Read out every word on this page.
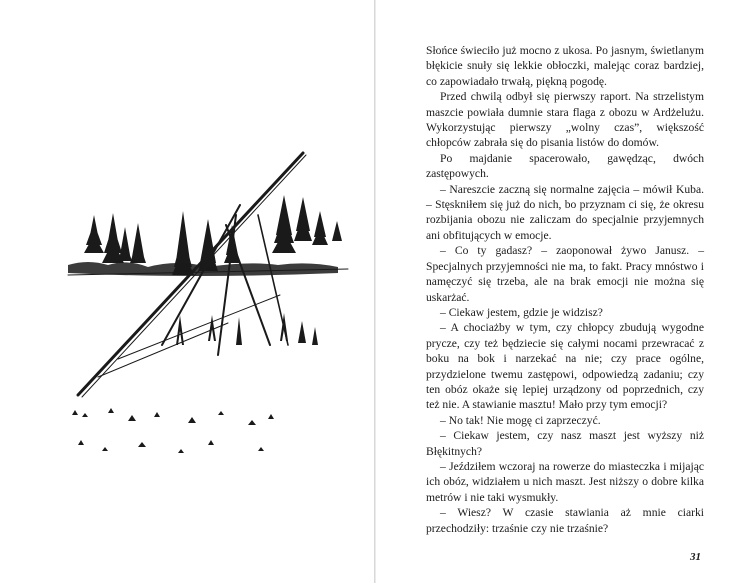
Słońce świeciło już mocno z ukosa. Po jasnym, świetlanym błękicie snuły się lekkie obłoczki, malejąc coraz bardziej, co zapowiadało trwałą, piękną pogodę.

Przed chwilą odbył się pierwszy raport. Na strzelistym maszcie powiała dumnie stara flaga z obozu w Ardżelużu. Wykorzystując pierwszy „wolny czas”, większość chłopców zabrała się do pisania listów do domów.

Po majdanie spacerowało, gawędząc, dwóch zastępowych.

– Nareszcie zaczną się normalne zajęcia – mówił Kuba. – Stęskniłem się już do nich, bo przyznam ci się, że okresu rozbijania obozu nie zaliczam do specjalnie przyjemnych ani obfitujących w emocje.

– Co ty gadasz? – zaoponował żywo Janusz. – Specjalnych przyjemności nie ma, to fakt. Pracy mnóstwo i namęczyć się trzeba, ale na brak emocji nie można się uskarżać.

– Ciekaw jestem, gdzie je widzisz?

– A chociażby w tym, czy chłopcy zbudują wygodne prycze, czy też będziecie się całymi nocami przewracać z boku na bok i narzekać na nie; czy prace ogólne, przydzielone twemu zastępowi, odpowiedzą zadaniu; czy ten obóz okaże się lepiej urządzony od poprzednich, czy też nie. A stawianie masztu! Mało przy tym emocji?

– No tak! Nie mogę ci zaprzeczyć.

– Ciekaw jestem, czy nasz maszt jest wyższy niż Błękitnych?

– Jeździłem wczoraj na rowerze do miasteczka i mijając ich obóz, widziałem u nich maszt. Jest niższy o dobre kilka metrów i nie taki wysmukły.

– Wiesz? W czasie stawiania aż mnie ciarki przechodziły: trzaśnie czy nie trzaśnie?

31
